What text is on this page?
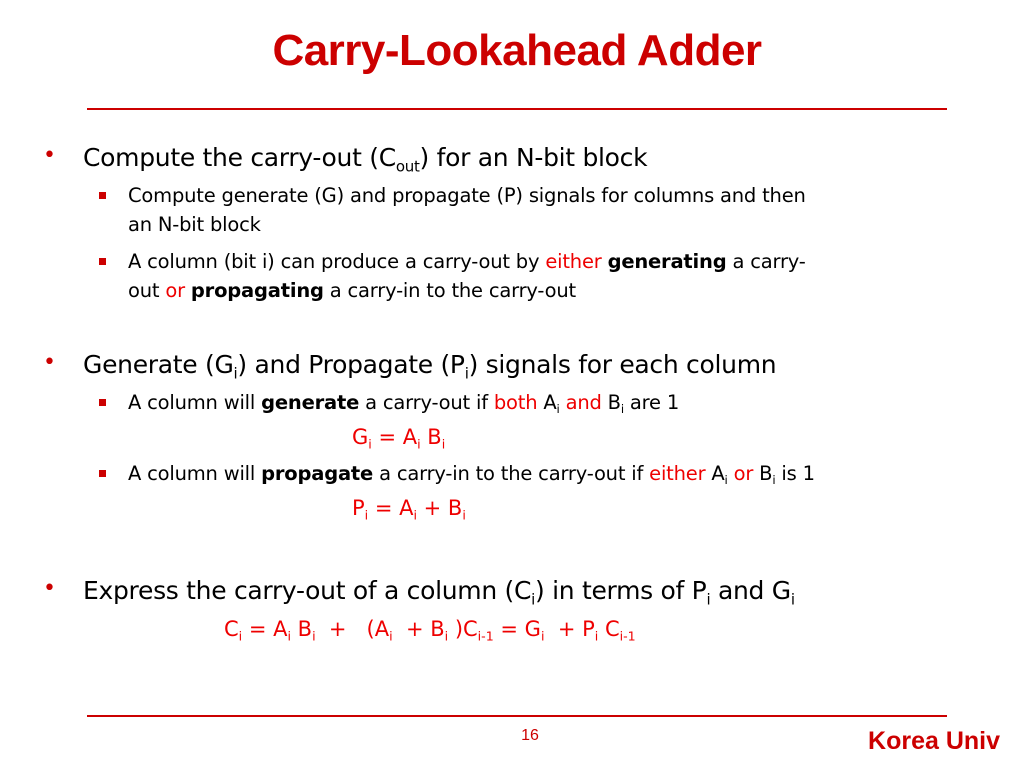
Carry-Lookahead Adder
• Compute the carry-out $(C_{out})$ for an N-bit block
Compute generate (G) and propagate (P) signals for columns and then
an N-bit block
A column (bit i) can produce a carry-out by either generating a carry-
out or propagating a carry-in to the carry-out
• Generate $(G_i)$ and Propagate $(P_i)$ signals for each column
A column will generate a carry-out if both $A_i$ and $B_i$ are 1
$G_i = A_i$ $B_i$
A column will propagate a carry-in to the carry-out if either $A_i$ or $B_i$ is 1
$P_i = A_i + B_i$
• Express the carry-out of a column $(C_i)$ in terms of $P_i$ and $G_i$
$C_i = A_i$ $B_i + (A_i + B_i$ )$C_{i-1} = G_i + P_i$ $C_{i-1}$
16	Korea Univ
